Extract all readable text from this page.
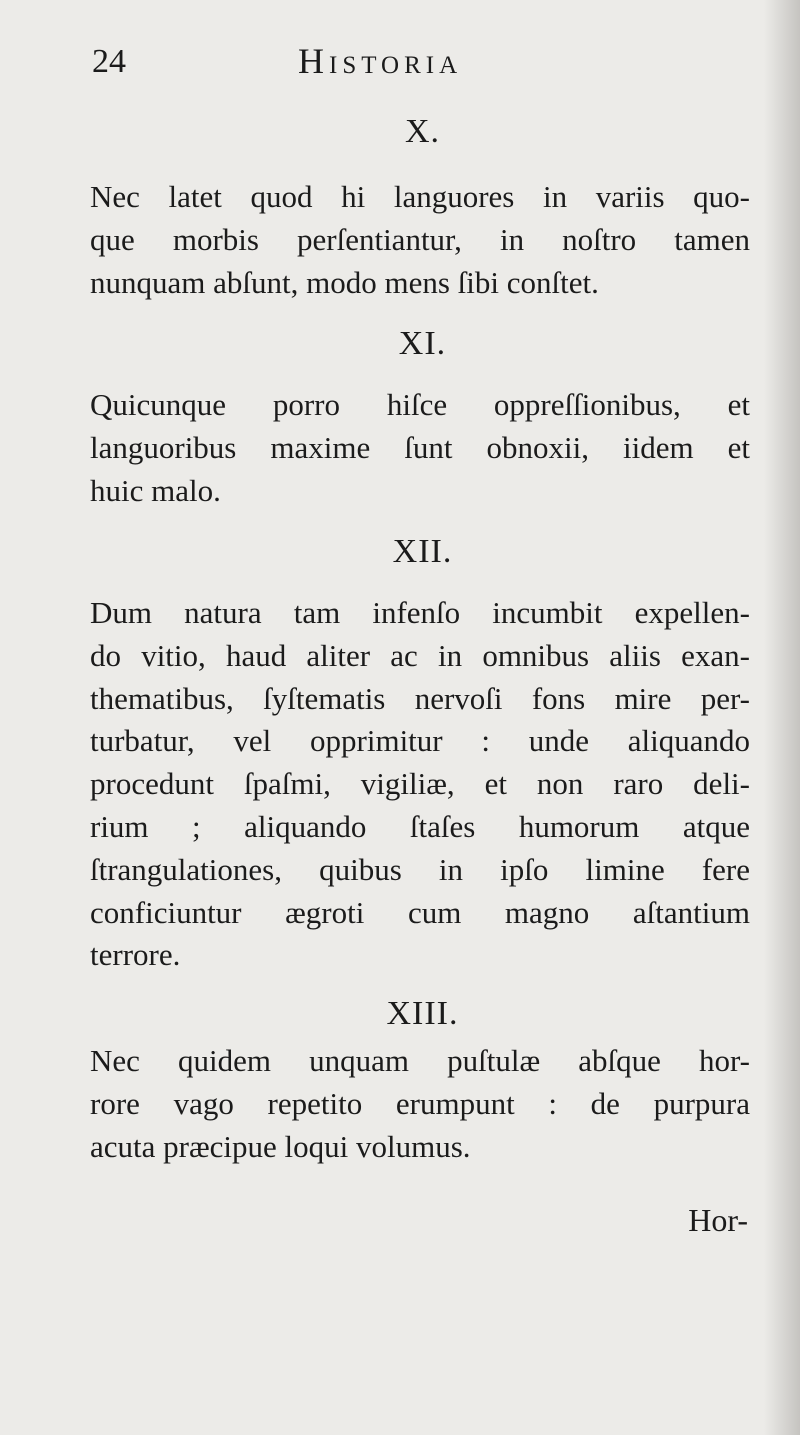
24	Historia
X.
Nec latet quod hi languores in variis quo-
que morbis perſentiantur, in noſtro tamen
nunquam abſunt, modo mens ſibi conſtet.
XI.
Quicunque porro hiſce oppreſſionibus, et
languoribus maxime ſunt obnoxii, iidem et
huic malo.
XII.
Dum natura tam infenſo incumbit expellen-
do vitio, haud aliter ac in omnibus aliis exan-
thematibus, ſyſtematis nervoſi fons mire per-
turbatur, vel opprimitur : unde aliquando
procedunt ſpaſmi, vigiliæ, et non raro deli-
rium ; aliquando ſtaſes humorum atque
ſtrangulationes, quibus in ipſo limine fere
conficiuntur ægroti cum magno aſtantium
terrore.
XIII.
Nec quidem unquam puſtulæ abſque hor-
rore vago repetito erumpunt : de purpura
acuta præcipue loqui volumus.
Hor-
